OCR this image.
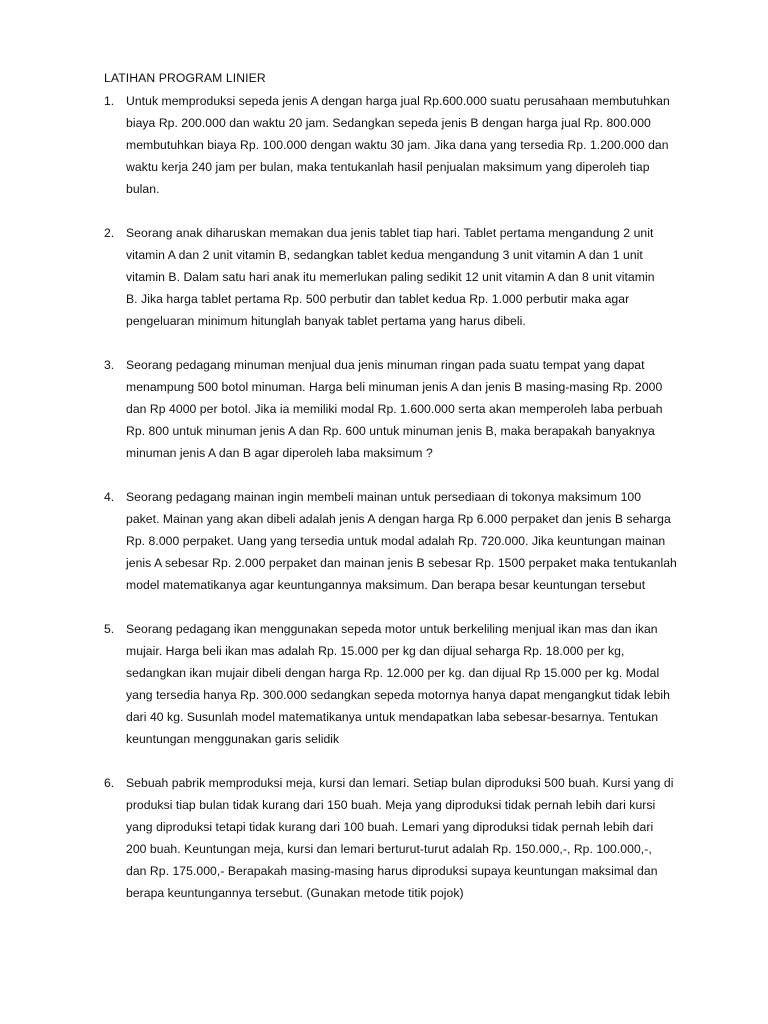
LATIHAN PROGRAM LINIER
1. Untuk memproduksi sepeda jenis A dengan harga jual Rp.600.000 suatu perusahaan membutuhkan
biaya Rp. 200.000 dan waktu 20 jam. Sedangkan sepeda jenis B dengan harga jual Rp. 800.000
membutuhkan biaya Rp. 100.000 dengan waktu 30 jam. Jika dana yang tersedia Rp. 1.200.000 dan
waktu kerja 240 jam per bulan, maka tentukanlah hasil penjualan maksimum yang diperoleh tiap
bulan.
2. Seorang anak diharuskan memakan dua jenis tablet tiap hari. Tablet pertama mengandung 2 unit
vitamin A dan 2 unit vitamin B, sedangkan tablet kedua mengandung 3 unit vitamin A dan 1 unit
vitamin B. Dalam satu hari anak itu memerlukan paling sedikit 12 unit vitamin A dan 8 unit vitamin
B. Jika harga tablet pertama Rp. 500 perbutir dan tablet kedua Rp. 1.000 perbutir maka agar
pengeluaran minimum hitunglah banyak tablet pertama yang harus dibeli.
3. Seorang pedagang minuman menjual dua jenis minuman ringan pada suatu tempat yang dapat
menampung 500 botol minuman. Harga beli minuman jenis A dan jenis B masing-masing Rp. 2000
dan Rp 4000 per botol. Jika ia memiliki modal Rp. 1.600.000 serta akan memperoleh laba perbuah
Rp. 800 untuk minuman jenis A dan Rp. 600 untuk minuman jenis B, maka berapakah banyaknya
minuman jenis A dan B agar diperoleh laba maksimum ?
4. Seorang pedagang mainan ingin membeli mainan untuk persediaan di tokonya maksimum 100
paket. Mainan yang akan dibeli adalah jenis A dengan harga Rp 6.000 perpaket dan jenis B seharga
Rp. 8.000 perpaket. Uang yang tersedia untuk modal adalah Rp. 720.000. Jika keuntungan mainan
jenis A sebesar Rp. 2.000 perpaket dan mainan jenis B sebesar Rp. 1500 perpaket maka tentukanlah
model matematikanya agar keuntungannya maksimum. Dan berapa besar keuntungan tersebut
5. Seorang pedagang ikan menggunakan sepeda motor untuk berkeliling menjual ikan mas dan ikan
mujair. Harga beli ikan mas adalah Rp. 15.000 per kg dan dijual seharga Rp. 18.000 per kg,
sedangkan ikan mujair dibeli dengan harga Rp. 12.000 per kg. dan dijual Rp 15.000 per kg. Modal
yang tersedia hanya Rp. 300.000 sedangkan sepeda motornya hanya dapat mengangkut tidak lebih
dari 40 kg. Susunlah model matematikanya untuk mendapatkan laba sebesar-besarnya. Tentukan
keuntungan menggunakan garis selidik
6. Sebuah pabrik memproduksi meja, kursi dan lemari. Setiap bulan diproduksi 500 buah. Kursi yang di
produksi tiap bulan tidak kurang dari 150 buah. Meja yang diproduksi tidak pernah lebih dari kursi
yang diproduksi tetapi tidak kurang dari 100 buah. Lemari yang diproduksi tidak pernah lebih dari
200 buah. Keuntungan meja, kursi dan lemari berturut-turut adalah Rp. 150.000,-, Rp. 100.000,-,
dan Rp. 175.000,- Berapakah masing-masing harus diproduksi supaya keuntungan maksimal dan
berapa keuntungannya tersebut. (Gunakan metode titik pojok)
